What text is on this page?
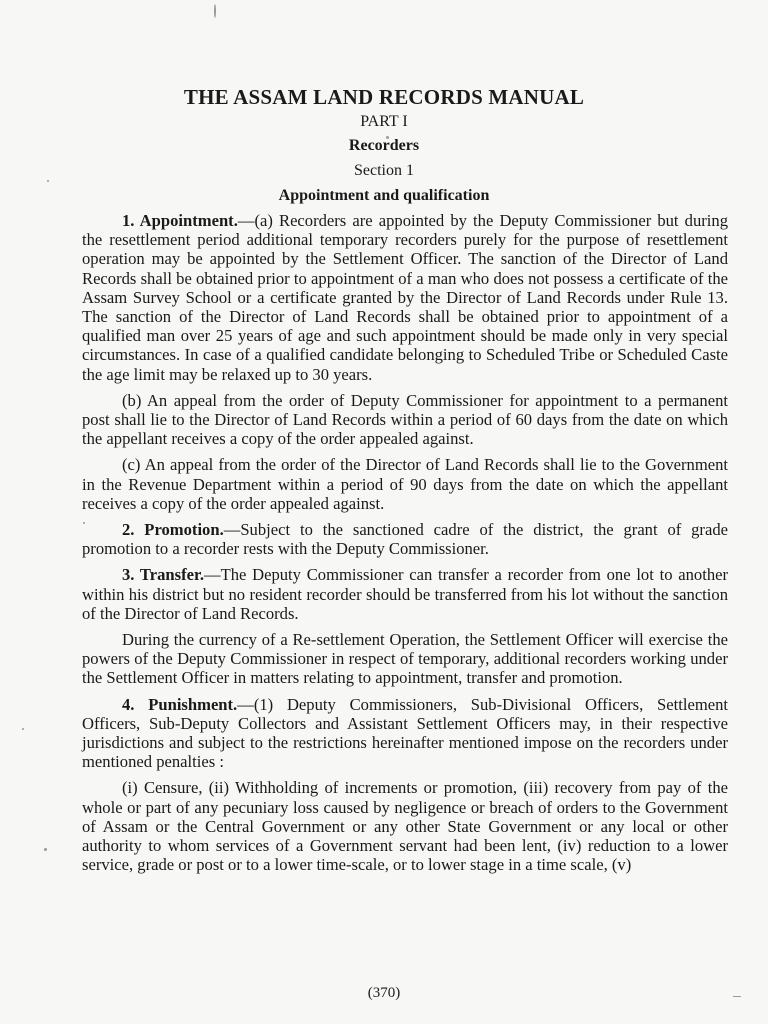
THE ASSAM LAND RECORDS MANUAL
PART I
Recorders
Section 1
Appointment and qualification

1. Appointment.—(a) Recorders are appointed by the Deputy Commissioner but during the resettlement period additional temporary recorders purely for the purpose of resettlement operation may be appointed by the Settlement Officer. The sanction of the Director of Land Records shall be obtained prior to appointment of a man who does not possess a certificate of the Assam Survey School or a certificate granted by the Director of Land Records under Rule 13. The sanction of the Director of Land Records shall be obtained prior to appointment of a qualified man over 25 years of age and such appointment should be made only in very special circumstances. In case of a qualified candidate belonging to Scheduled Tribe or Scheduled Caste the age limit may be relaxed up to 30 years.

(b) An appeal from the order of Deputy Commissioner for appointment to a permanent post shall lie to the Director of Land Records within a period of 60 days from the date on which the appellant receives a copy of the order appealed against.

(c) An appeal from the order of the Director of Land Records shall lie to the Government in the Revenue Department within a period of 90 days from the date on which the appellant receives a copy of the order appealed against.

2. Promotion.—Subject to the sanctioned cadre of the district, the grant of grade promotion to a recorder rests with the Deputy Commissioner.

3. Transfer.—The Deputy Commissioner can transfer a recorder from one lot to another within his district but no resident recorder should be transferred from his lot without the sanction of the Director of Land Records.

During the currency of a Re-settlement Operation, the Settlement Officer will exercise the powers of the Deputy Commissioner in respect of temporary, additional recorders working under the Settlement Officer in matters relating to appointment, transfer and promotion.

4. Punishment.—(1) Deputy Commissioners, Sub-Divisional Officers, Settlement Officers, Sub-Deputy Collectors and Assistant Settlement Officers may, in their respective jurisdictions and subject to the restrictions hereinafter mentioned impose on the recorders under mentioned penalties :

(i) Censure, (ii) Withholding of increments or promotion, (iii) recovery from pay of the whole or part of any pecuniary loss caused by negligence or breach of orders to the Government of Assam or the Central Government or any other State Government or any local or other authority to whom services of a Government servant had been lent, (iv) reduction to a lower service, grade or post or to a lower time-scale, or to lower stage in a time scale, (v)

(370)
